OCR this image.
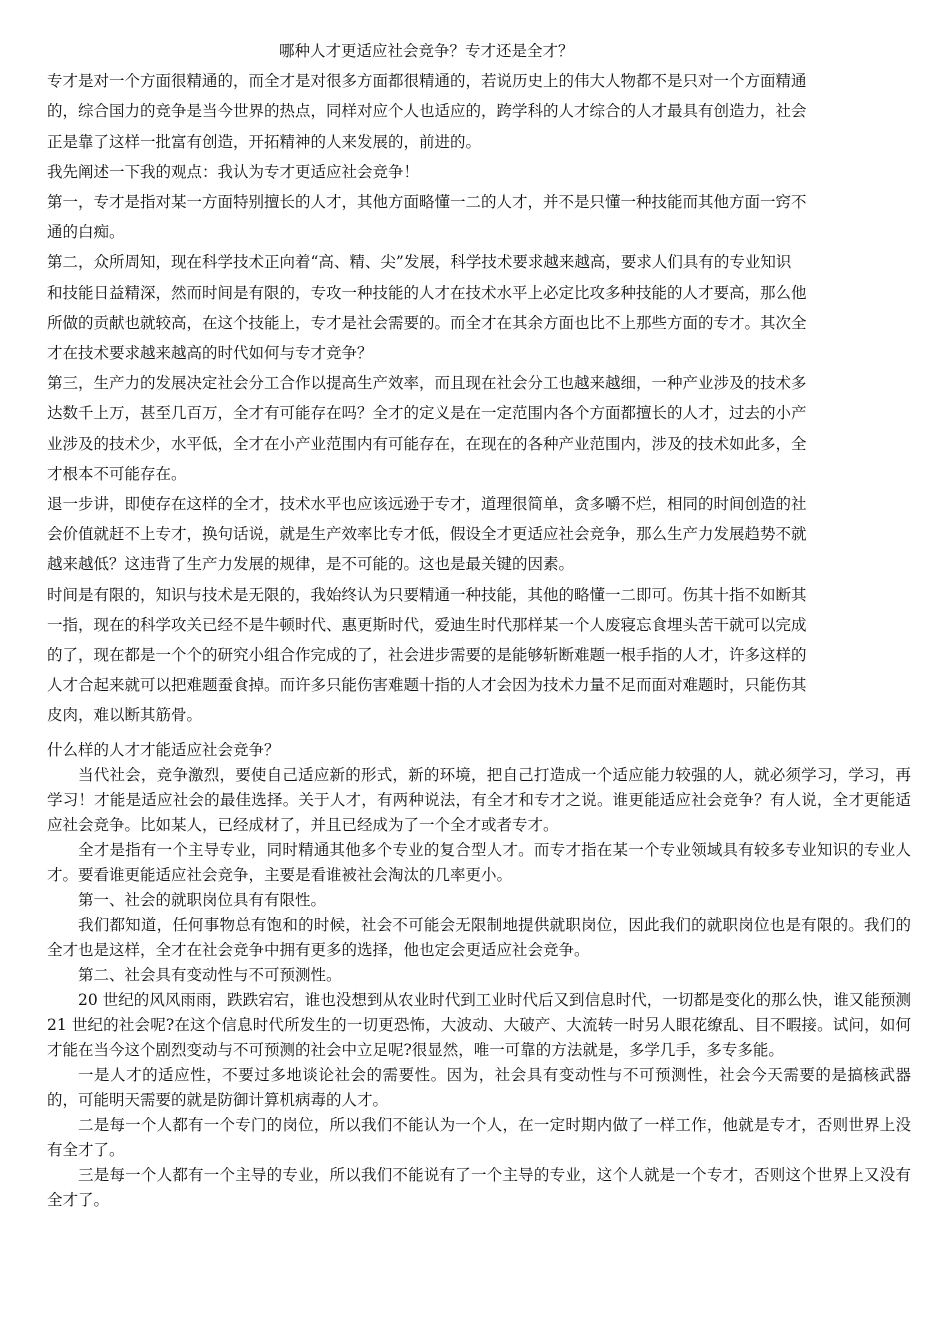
哪种人才更适应社会竞争？专才还是全才？

专才是对一个方面很精通的，而全才是对很多方面都很精通的，若说历史上的伟大人物都不是只对一个方面精通
的，综合国力的竞争是当今世界的热点，同样对应个人也适应的，跨学科的人才综合的人才最具有创造力，社会
正是靠了这样一批富有创造，开拓精神的人来发展的，前进的。

我先阐述一下我的观点：我认为专才更适应社会竞争！

第一，专才是指对某一方面特别擅长的人才，其他方面略懂一二的人才，并不是只懂一种技能而其他方面一窍不
通的白痴。

第二，众所周知，现在科学技术正向着“高、精、尖”发展，科学技术要求越来越高，要求人们具有的专业知识
和技能日益精深，然而时间是有限的，专攻一种技能的人才在技术水平上必定比攻多种技能的人才要高，那么他
所做的贡献也就较高，在这个技能上，专才是社会需要的。而全才在其余方面也比不上那些方面的专才。其次全
才在技术要求越来越高的时代如何与专才竞争？

第三，生产力的发展决定社会分工合作以提高生产效率，而且现在社会分工也越来越细，一种产业涉及的技术多
达数千上万，甚至几百万，全才有可能存在吗？全才的定义是在一定范围内各个方面都擅长的人才，过去的小产
业涉及的技术少，水平低，全才在小产业范围内有可能存在，在现在的各种产业范围内，涉及的技术如此多，全
才根本不可能存在。

退一步讲，即使存在这样的全才，技术水平也应该远逊于专才，道理很简单，贪多嚼不烂，相同的时间创造的社
会价值就赶不上专才，换句话说，就是生产效率比专才低，假设全才更适应社会竞争，那么生产力发展趋势不就
越来越低？这违背了生产力发展的规律，是不可能的。这也是最关键的因素。

时间是有限的，知识与技术是无限的，我始终认为只要精通一种技能，其他的略懂一二即可。伤其十指不如断其
一指，现在的科学攻关已经不是牛顿时代、惠更斯时代，爱迪生时代那样某一个人废寝忘食埋头苦干就可以完成
的了，现在都是一个个的研究小组合作完成的了，社会进步需要的是能够斩断难题一根手指的人才，许多这样的
人才合起来就可以把难题蚕食掉。而许多只能伤害难题十指的人才会因为技术力量不足而面对难题时，只能伤其
皮肉，难以断其筋骨。

什么样的人才才能适应社会竞争？

当代社会，竞争激烈，要使自己适应新的形式，新的环境，把自己打造成一个适应能力较强的人，就必须学习，学习，再学习！才能是适应社会的最佳选择。关于人才，有两种说法，有全才和专才之说。谁更能适应社会竞争？有人说，全才更能适应社会竞争。比如某人，已经成材了，并且已经成为了一个全才或者专才。

全才是指有一个主导专业，同时精通其他多个专业的复合型人才。而专才指在某一个专业领域具有较多专业知识的专业人才。要看谁更能适应社会竞争，主要是看谁被社会淘汰的几率更小。

第一、社会的就职岗位具有有限性。

我们都知道，任何事物总有饱和的时候，社会不可能会无限制地提供就职岗位，因此我们的就职岗位也是有限的。我们的全才也是这样，全才在社会竞争中拥有更多的选择，他也定会更适应社会竞争。

第二、社会具有变动性与不可预测性。

20 世纪的风风雨雨，跌跌宕宕，谁也没想到从农业时代到工业时代后又到信息时代，一切都是变化的那么快，谁又能预测 21 世纪的社会呢?在这个信息时代所发生的一切更恐怖，大波动、大破产、大流转一时另人眼花缭乱、目不暇接。试问，如何才能在当今这个剧烈变动与不可预测的社会中立足呢?很显然，唯一可靠的方法就是，多学几手，多专多能。

一是人才的适应性，不要过多地谈论社会的需要性。因为，社会具有变动性与不可预测性，社会今天需要的是搞核武器的，可能明天需要的就是防御计算机病毒的人才。

二是每一个人都有一个专门的岗位，所以我们不能认为一个人，在一定时期内做了一样工作，他就是专才，否则世界上没有全才了。

三是每一个人都有一个主导的专业，所以我们不能说有了一个主导的专业，这个人就是一个专才，否则这个世界上又没有全才了。
